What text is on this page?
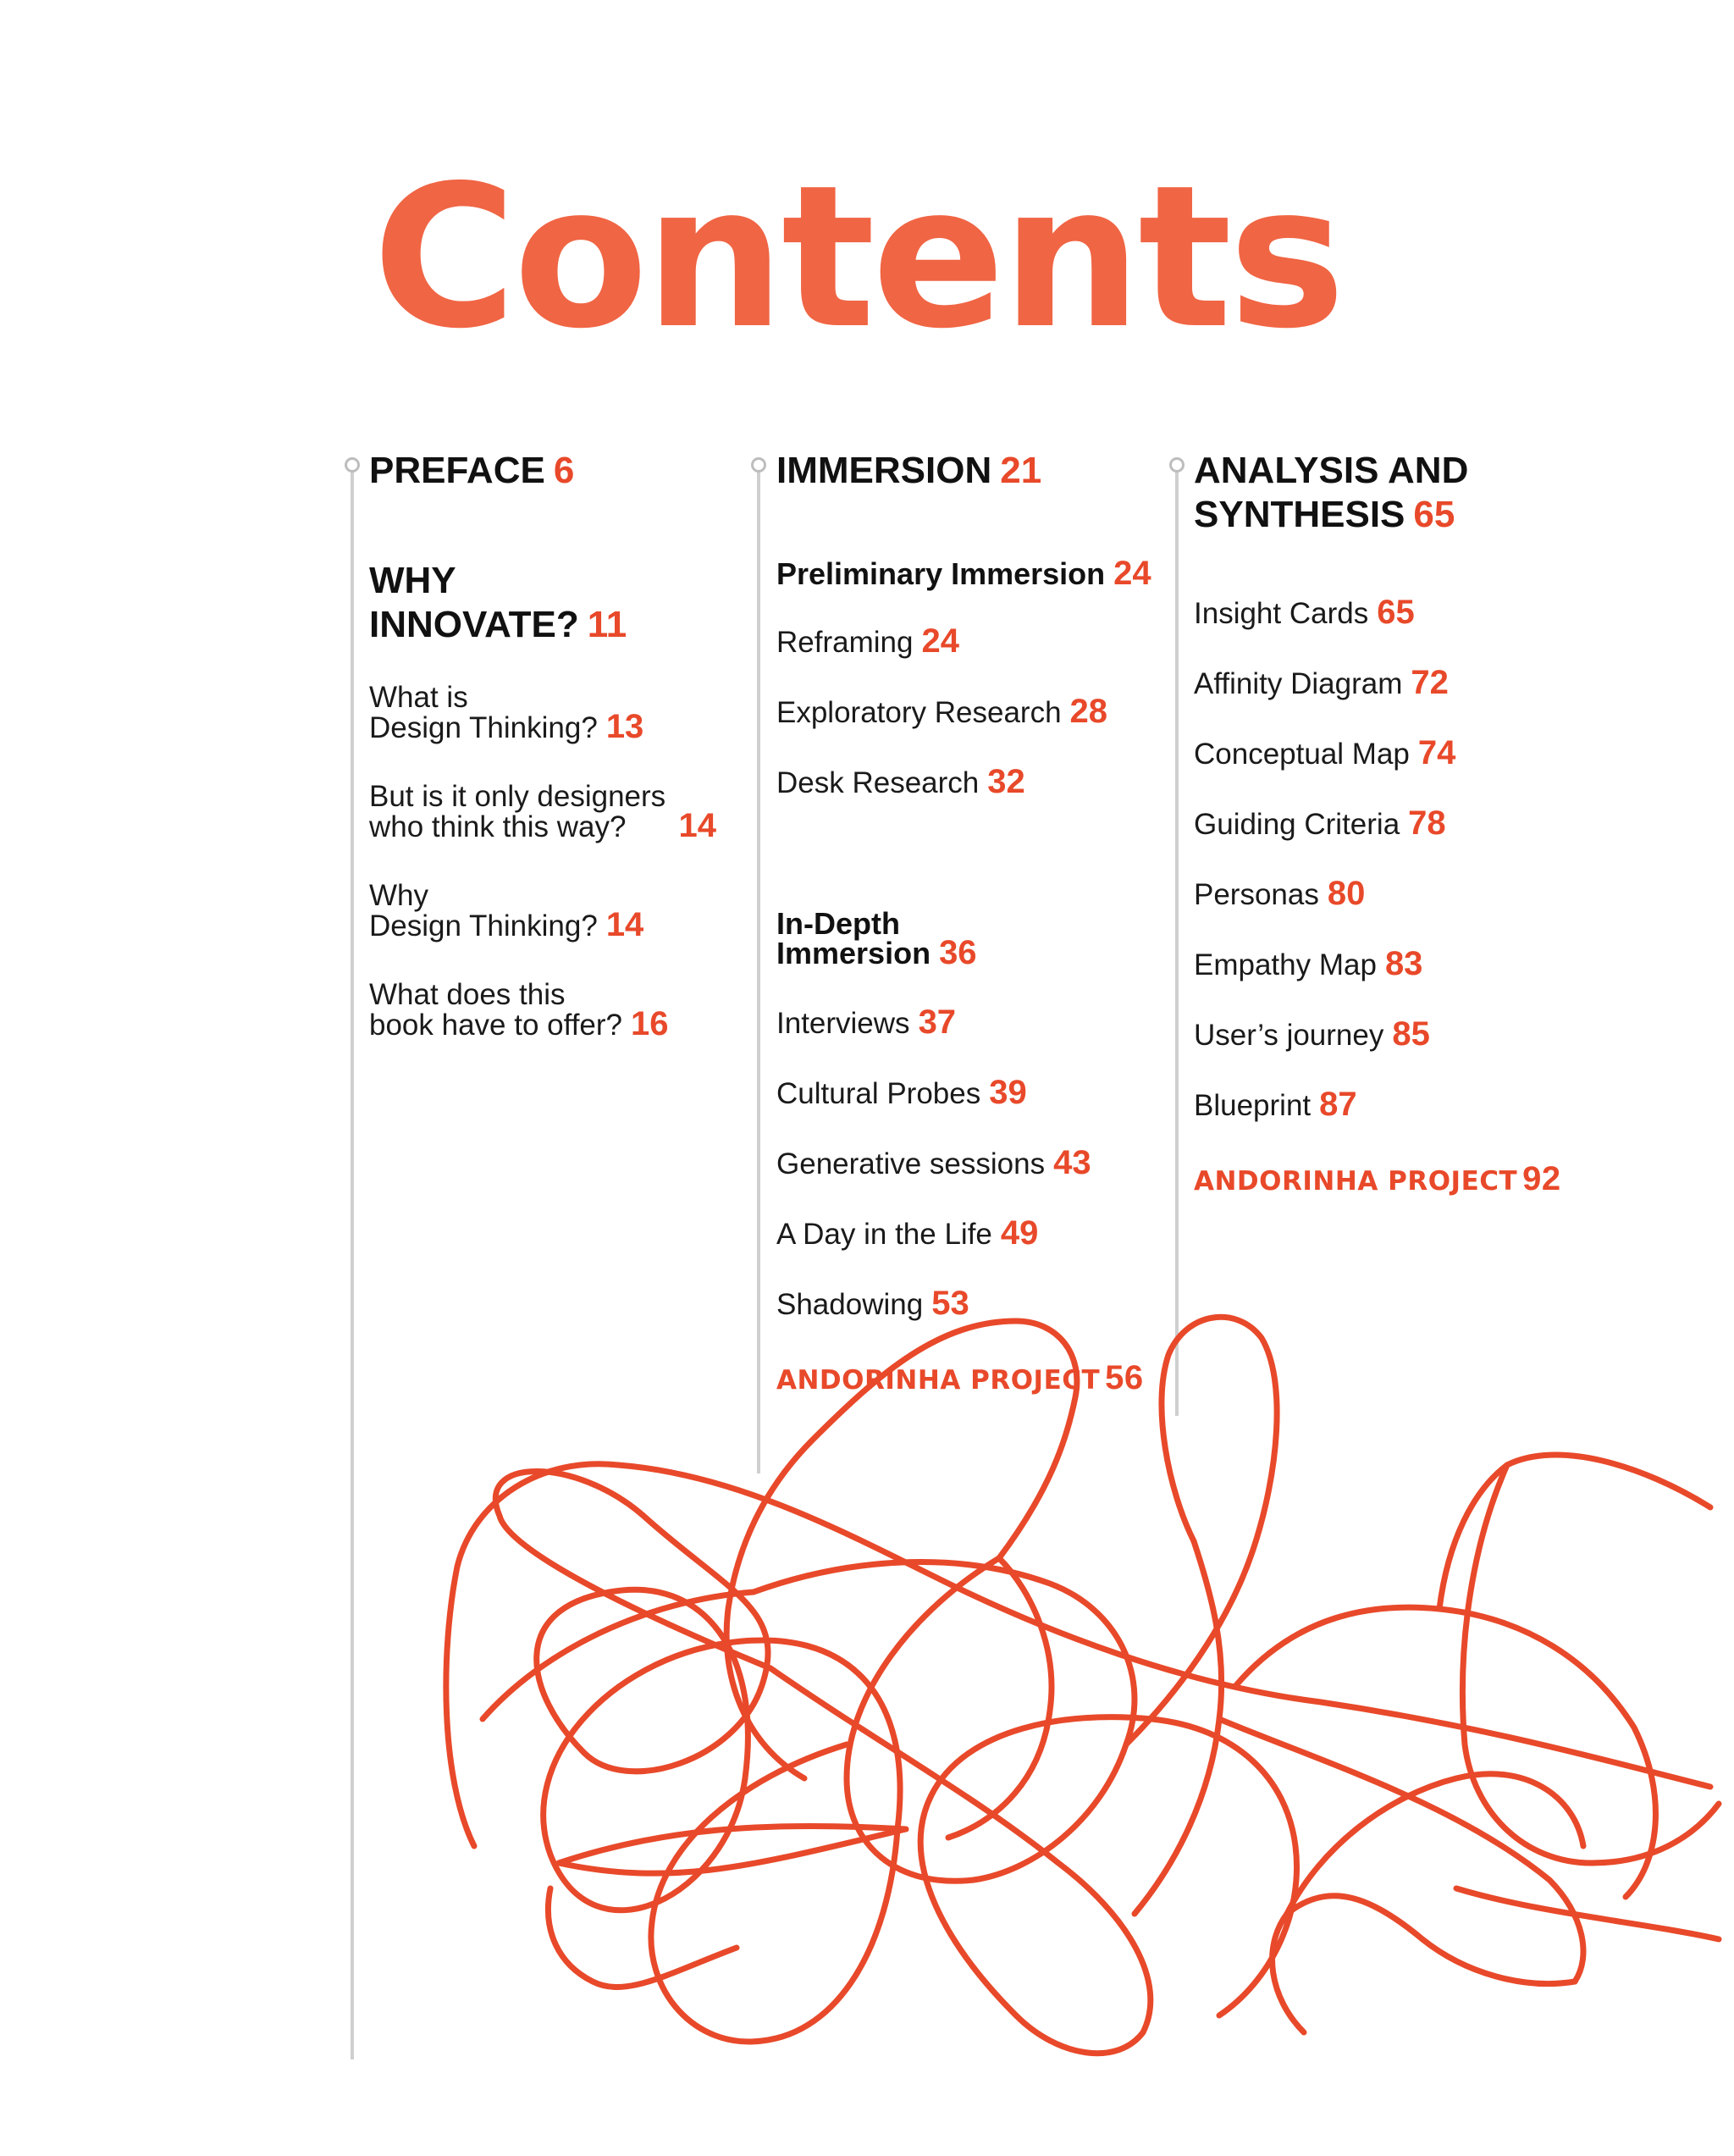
Contents
PREFACE 6
WHY
INNOVATE? 11

What is
Design Thinking? 13

But is it only designers
who think this way? 14

Why
Design Thinking? 14

What does this
book have to offer? 16

IMMERSION 21

Preliminary Immersion 24

Reframing 24

Exploratory Research 28

Desk Research 32

In-Depth
Immersion 36

Interviews 37

Cultural Probes 39

Generative sessions 43

A Day in the Life 49

Shadowing 53

ANDORINHA PROJECT 56

ANALYSIS AND
SYNTHESIS 65

Insight Cards 65

Affinity Diagram 72

Conceptual Map 74

Guiding Criteria 78

Personas 80

Empathy Map 83

User’s journey 85

Blueprint 87

ANDORINHA PROJECT 92
